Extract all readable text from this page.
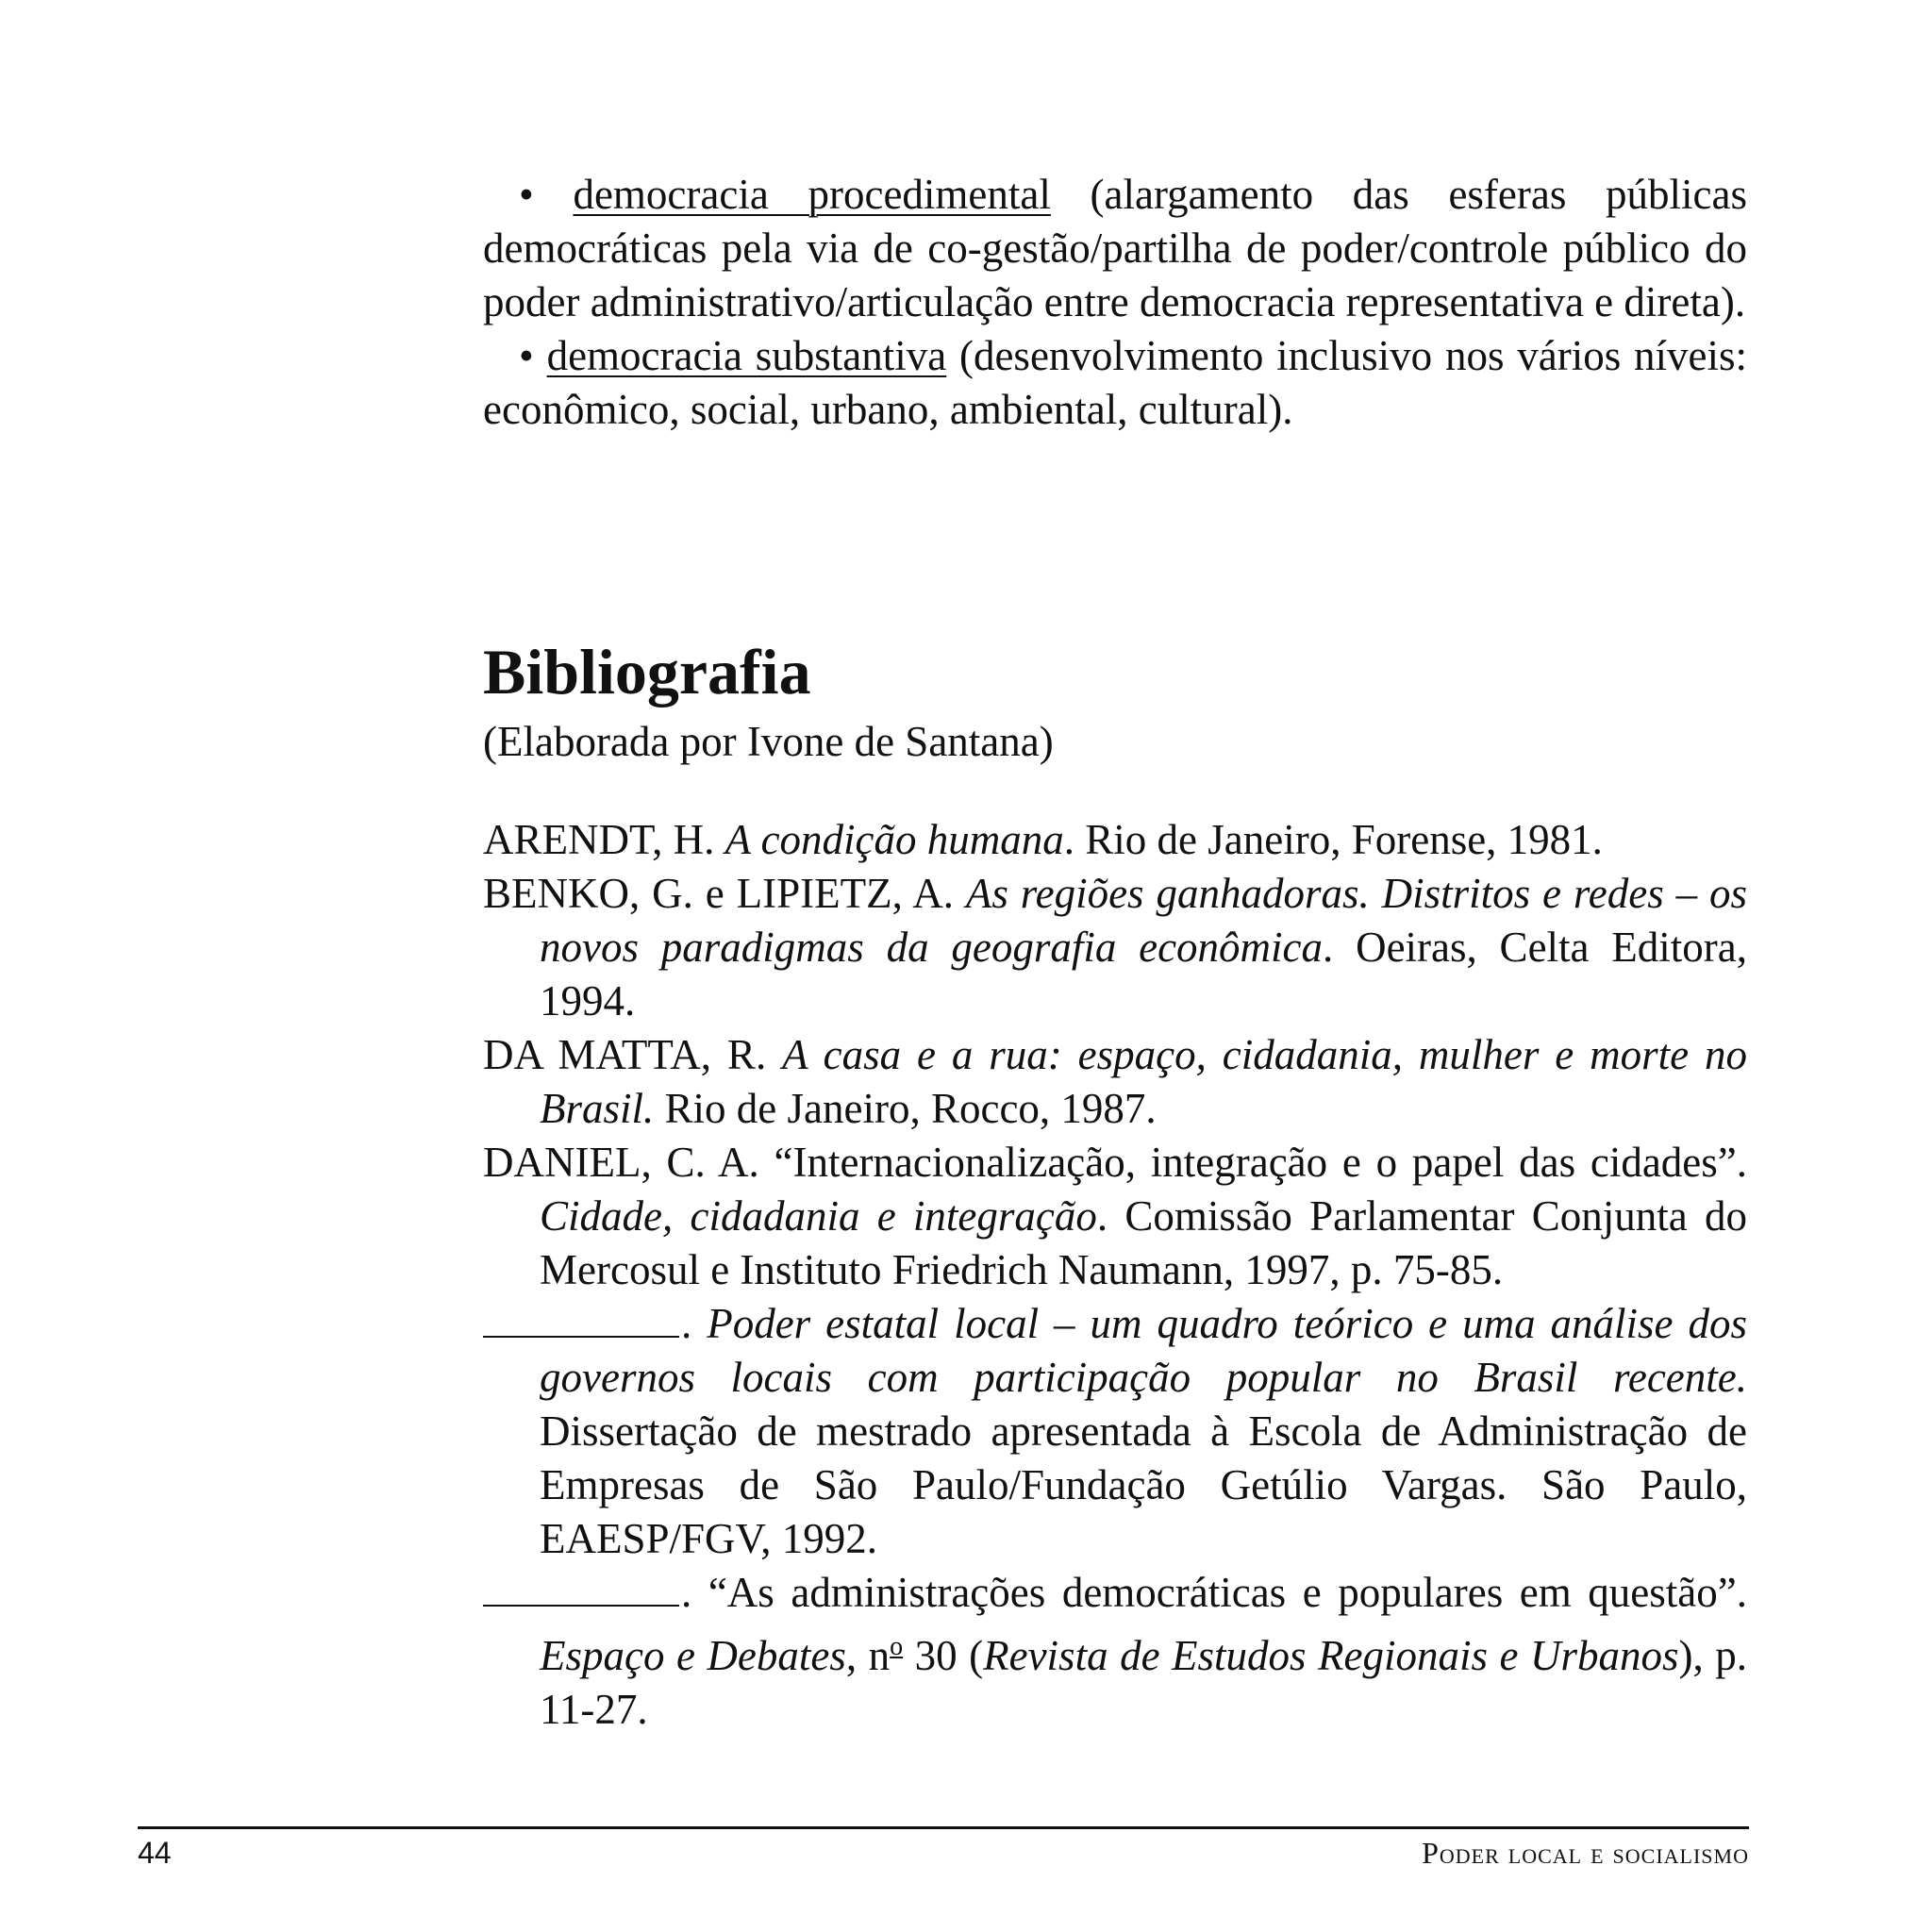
• democracia procedimental (alargamento das esferas públicas democráticas pela via de co-gestão/partilha de poder/controle público do poder administrativo/articulação entre democracia representativa e direta).

• democracia substantiva (desenvolvimento inclusivo nos vários níveis: econômico, social, urbano, ambiental, cultural).

Bibliografia
(Elaborada por Ivone de Santana)

ARENDT, H. A condição humana. Rio de Janeiro, Forense, 1981.

BENKO, G. e LIPIETZ, A. As regiões ganhadoras. Distritos e redes – os novos paradigmas da geografia econômica. Oeiras, Celta Editora, 1994.

DA MATTA, R. A casa e a rua: espaço, cidadania, mulher e morte no Brasil. Rio de Janeiro, Rocco, 1987.

DANIEL, C. A. “Internacionalização, integração e o papel das cidades”. Cidade, cidadania e integração. Comissão Parlamentar Conjunta do Mercosul e Instituto Friedrich Naumann, 1997, p. 75-85.

. Poder estatal local – um quadro teórico e uma análise dos governos locais com participação popular no Brasil recente. Dissertação de mestrado apresentada à Escola de Administração de Empresas de São Paulo/Fundação Getúlio Vargas. São Paulo, EAESP/FGV, 1992.

. “As administrações democráticas e populares em questão”. Espaço e Debates, $n^o$ 30 (Revista de Estudos Regionais e Urbanos), p. 11-27.

44	Poder local e socialismo
